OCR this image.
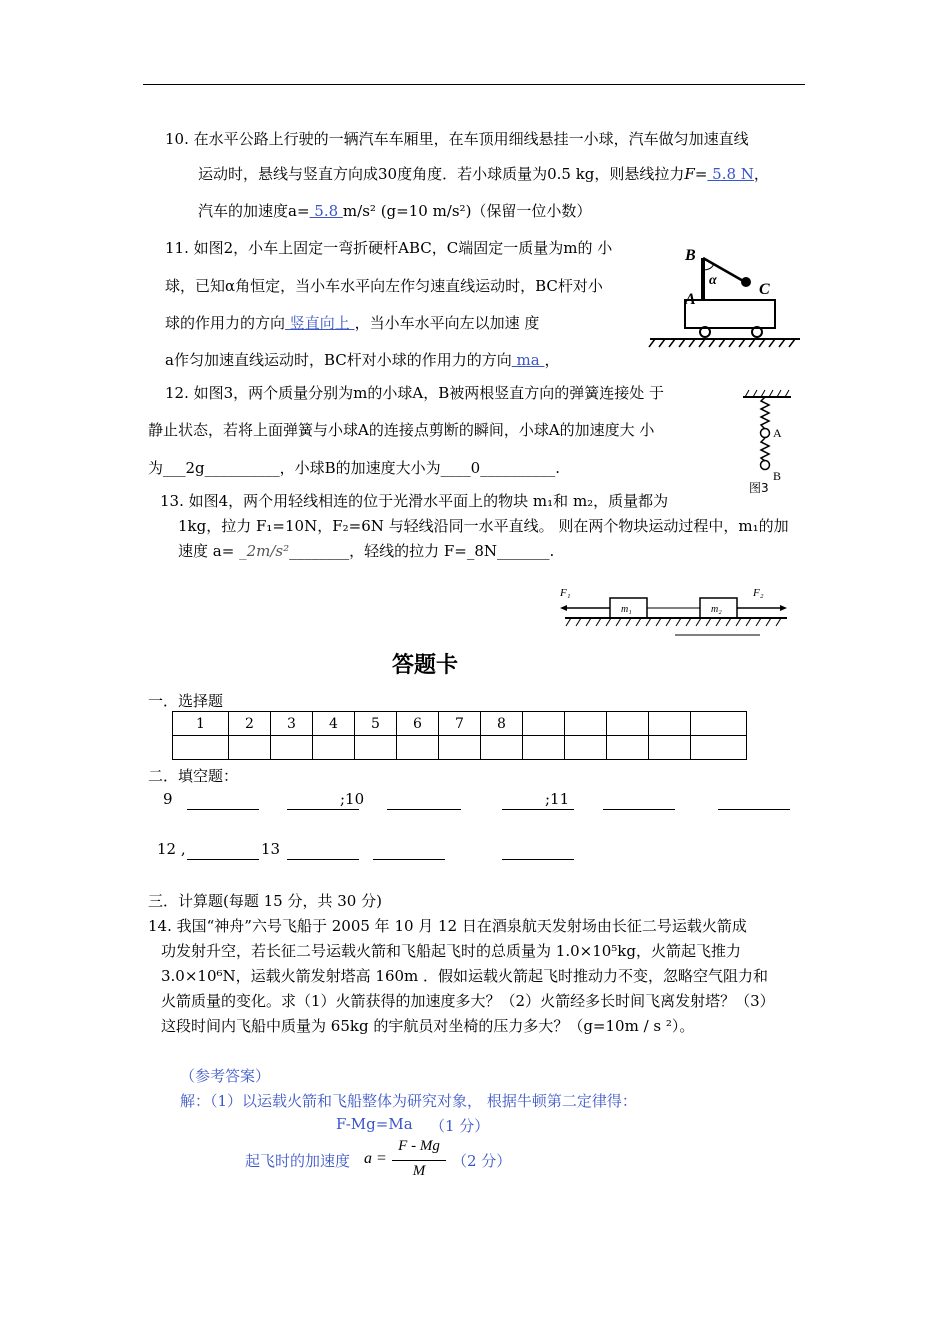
10. 在水平公路上行驶的一辆汽车车厢里，在车顶用细线悬挂一小球，汽车做匀加速直线
运动时，悬线与竖直方向成30度角度．若小球质量为0.5 kg，则悬线拉力F= 5.8 N，
汽车的加速度a= 5.8 m/s² (g=10 m/s²)（保留一位小数）
11. 如图2，小车上固定一弯折硬杆ABC，C端固定一质量为m的 小
球，已知α角恒定，当小车水平向左作匀速直线运动时，BC杆对小
球的作用力的方向 竖直向上 ，当小车水平向左以加速 度
a作匀加速直线运动时，BC杆对小球的作用力的方向 ma ，
B
α
C
A
12. 如图3，两个质量分别为m的小球A，B被两根竖直方向的弹簧连接处 于
静止状态，若将上面弹簧与小球A的连接点剪断的瞬间，小球A的加速度大 小
为___2g__________，小球B的加速度大小为____0__________.
A
B
图3
13. 如图4，两个用轻线相连的位于光滑水平面上的物块 m₁和 m₂，质量都为
1kg，拉力 F₁=10N，F₂=6N 与轻线沿同一水平直线。 则在两个物块运动过程中，m₁的加
速度 a= _2m/s²________，轻线的拉力 F=_8N_______.
F₁	F₂
m₁	m₂
答题卡
一．选择题
1	2	3	4	5	6	7	8					

二．填空题：
9	;10	;11
12 ,	13
三．计算题(每题 15 分，共 30 分)
14. 我国“神舟”六号飞船于 2005 年 10 月 12 日在酒泉航天发射场由长征二号运载火箭成
功发射升空，若长征二号运载火箭和飞船起飞时的总质量为 1.0×10⁵kg，火箭起飞推力
3.0×10⁶N，运载火箭发射塔高 160m ．假如运载火箭起飞时推动力不变，忽略空气阻力和
火箭质量的变化。求（1）火箭获得的加速度多大？（2）火箭经多长时间飞离发射塔？（3）
这段时间内飞船中质量为 65kg 的宇航员对坐椅的压力多大？（g=10m / s ²）。
（参考答案）
解：（1）以运载火箭和飞船整体为研究对象， 根据牛顿第二定律得：
F-Mg=Ma （1 分）
起飞时的加速度 a =
F - Mg
M
（2 分）
